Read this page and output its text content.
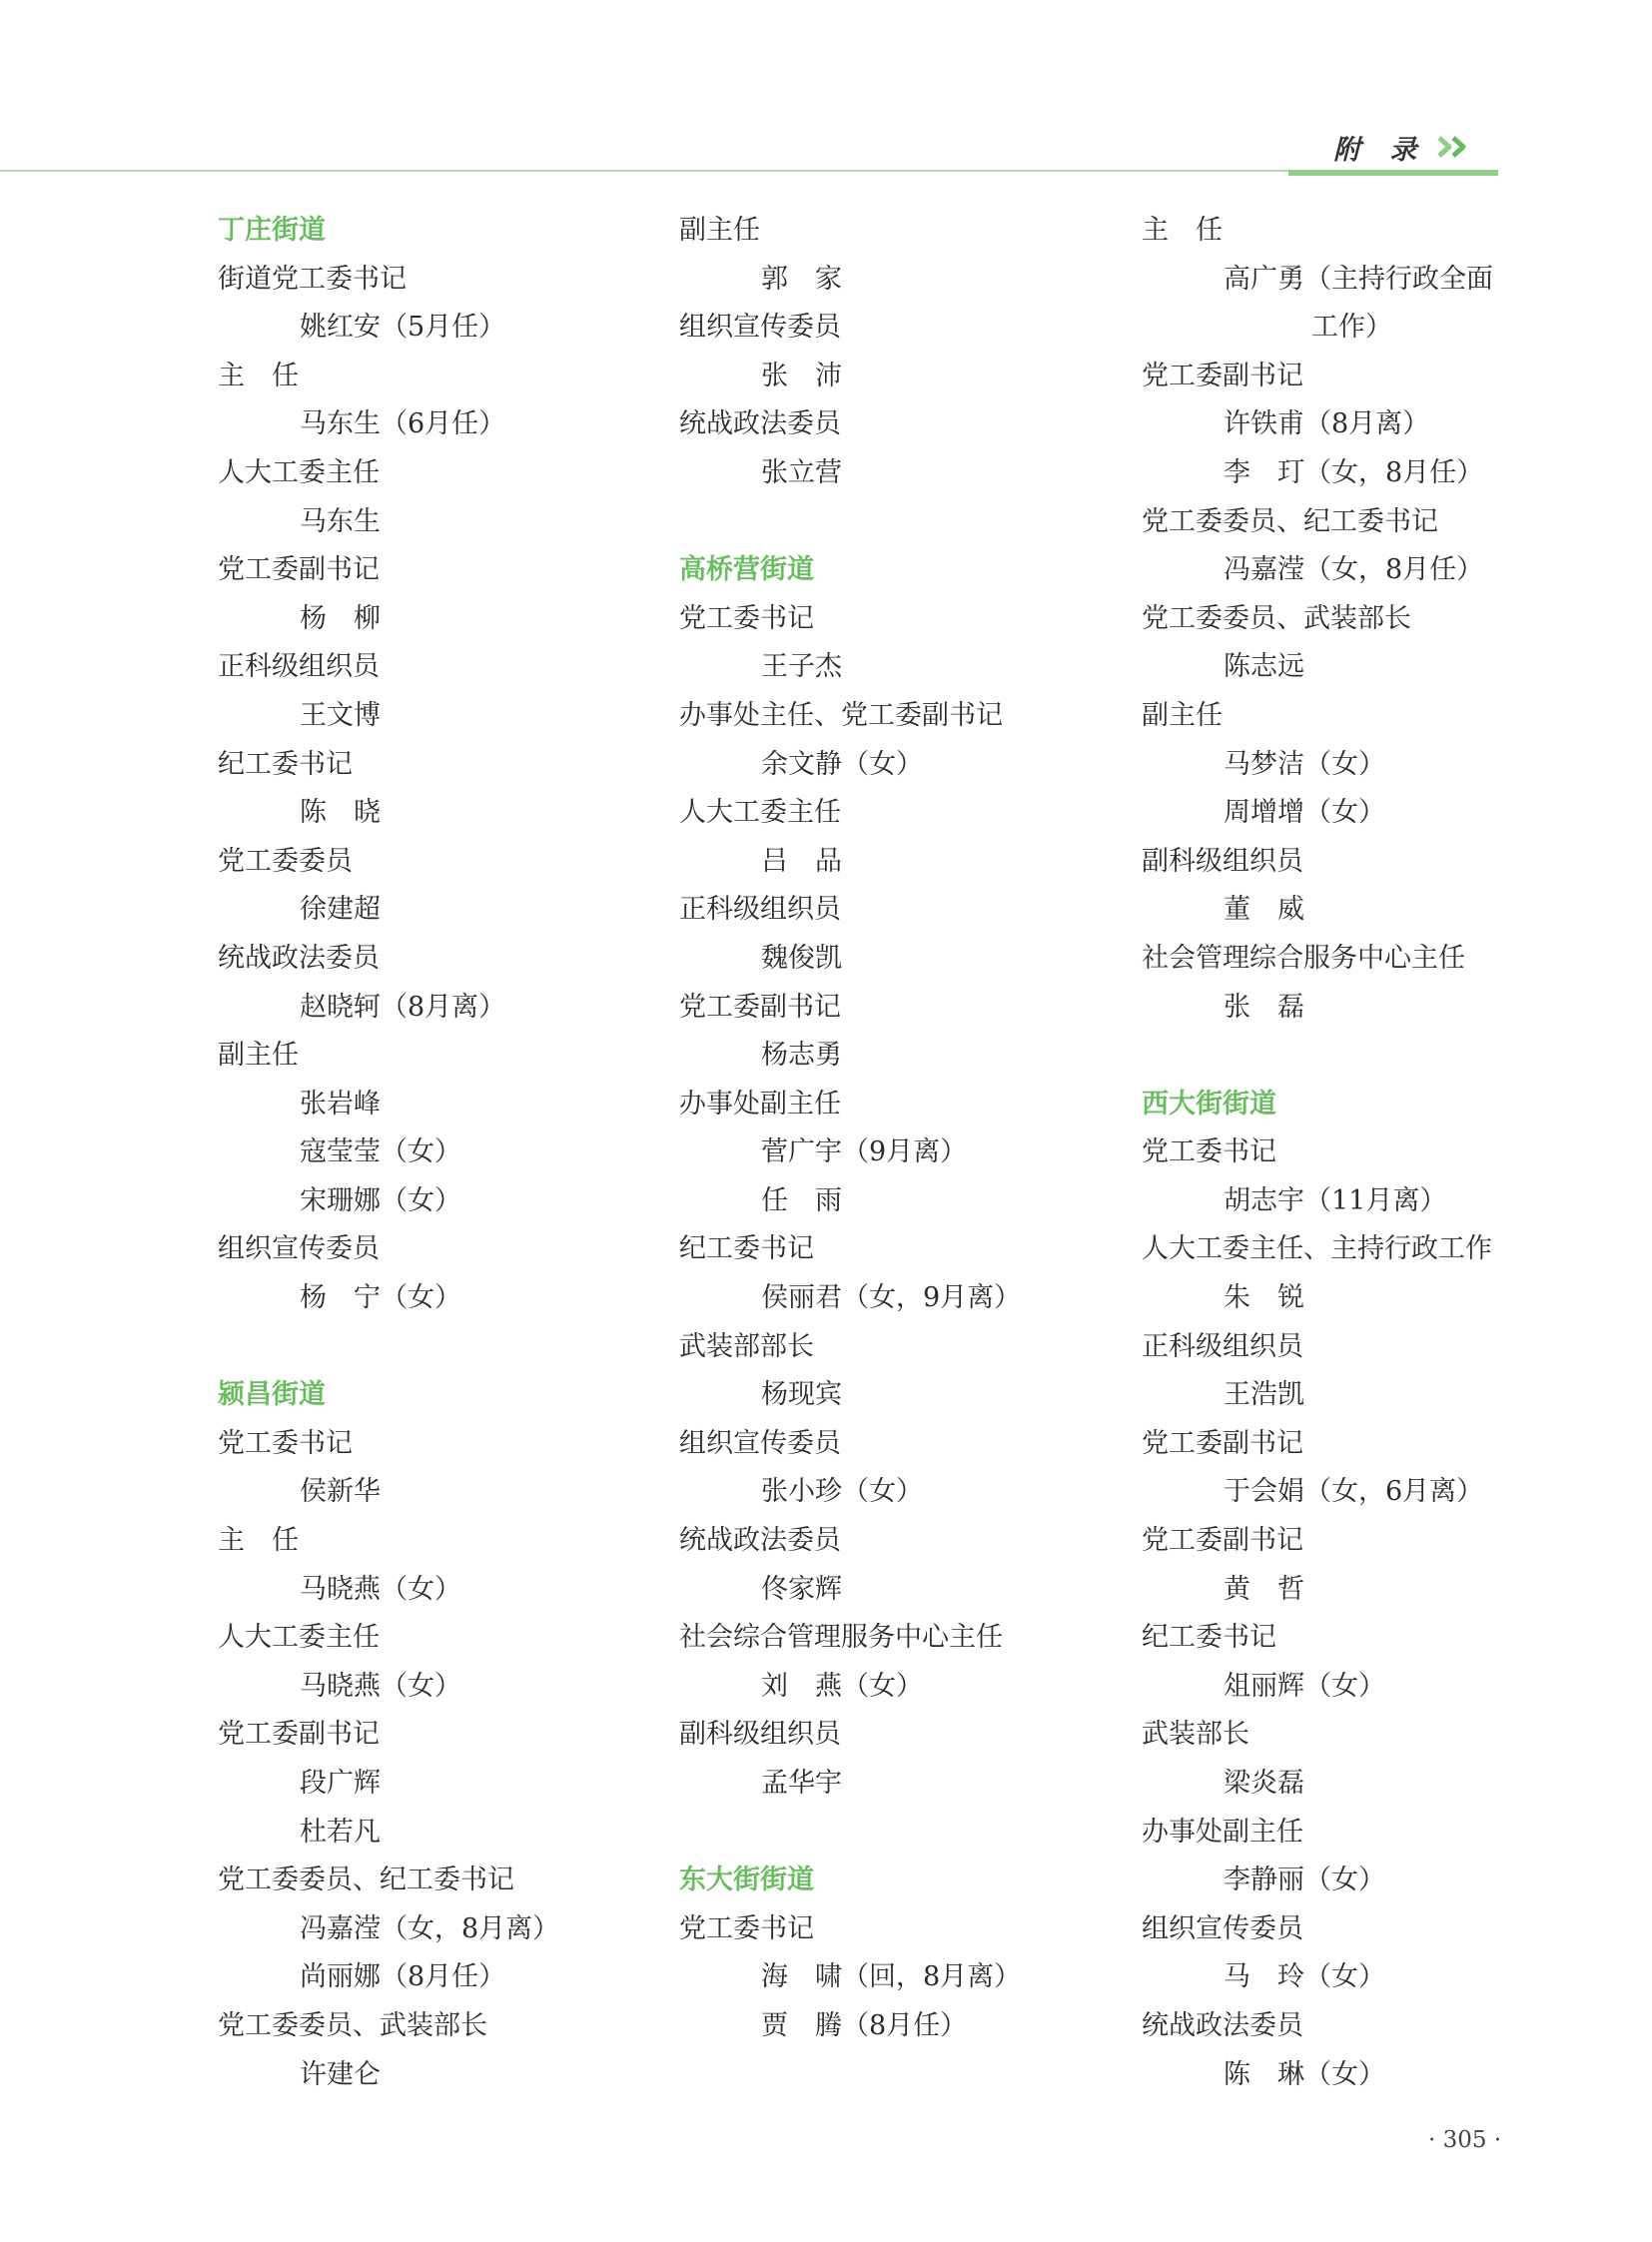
附 录
丁庄街道
街道党工委书记
姚红安（5月任）
主　任
马东生（6月任）
人大工委主任
马东生
党工委副书记
杨　柳
正科级组织员
王文博
纪工委书记
陈　晓
党工委委员
徐建超
统战政法委员
赵晓轲（8月离）
副主任
张岩峰
寇莹莹（女）
宋珊娜（女）
组织宣传委员
杨　宁（女）
颍昌街道
党工委书记
侯新华
主　任
马晓燕（女）
人大工委主任
马晓燕（女）
党工委副书记
段广辉
杜若凡
党工委委员、纪工委书记
冯嘉滢（女，8月离）
尚丽娜（8月任）
党工委委员、武装部长
许建仑
副主任
郭　家
组织宣传委员
张　沛
统战政法委员
张立营
高桥营街道
党工委书记
王子杰
办事处主任、党工委副书记
余文静（女）
人大工委主任
吕　品
正科级组织员
魏俊凯
党工委副书记
杨志勇
办事处副主任
菅广宇（9月离）
任　雨
纪工委书记
侯丽君（女，9月离）
武装部部长
杨现宾
组织宣传委员
张小珍（女）
统战政法委员
佟家辉
社会综合管理服务中心主任
刘　燕（女）
副科级组织员
孟华宇
东大街街道
党工委书记
海　啸（回，8月离）
贾　腾（8月任）
主　任
高广勇（主持行政全面
工作）
党工委副书记
许铁甫（8月离）
李　玎（女，8月任）
党工委委员、纪工委书记
冯嘉滢（女，8月任）
党工委委员、武装部长
陈志远
副主任
马梦洁（女）
周增增（女）
副科级组织员
董　威
社会管理综合服务中心主任
张　磊
西大街街道
党工委书记
胡志宇（11月离）
人大工委主任、主持行政工作
朱　锐
正科级组织员
王浩凯
党工委副书记
于会娟（女，6月离）
党工委副书记
黄　哲
纪工委书记
俎丽辉（女）
武装部长
梁炎磊
办事处副主任
李静丽（女）
组织宣传委员
马　玲（女）
统战政法委员
陈　琳（女）
· 305 ·
